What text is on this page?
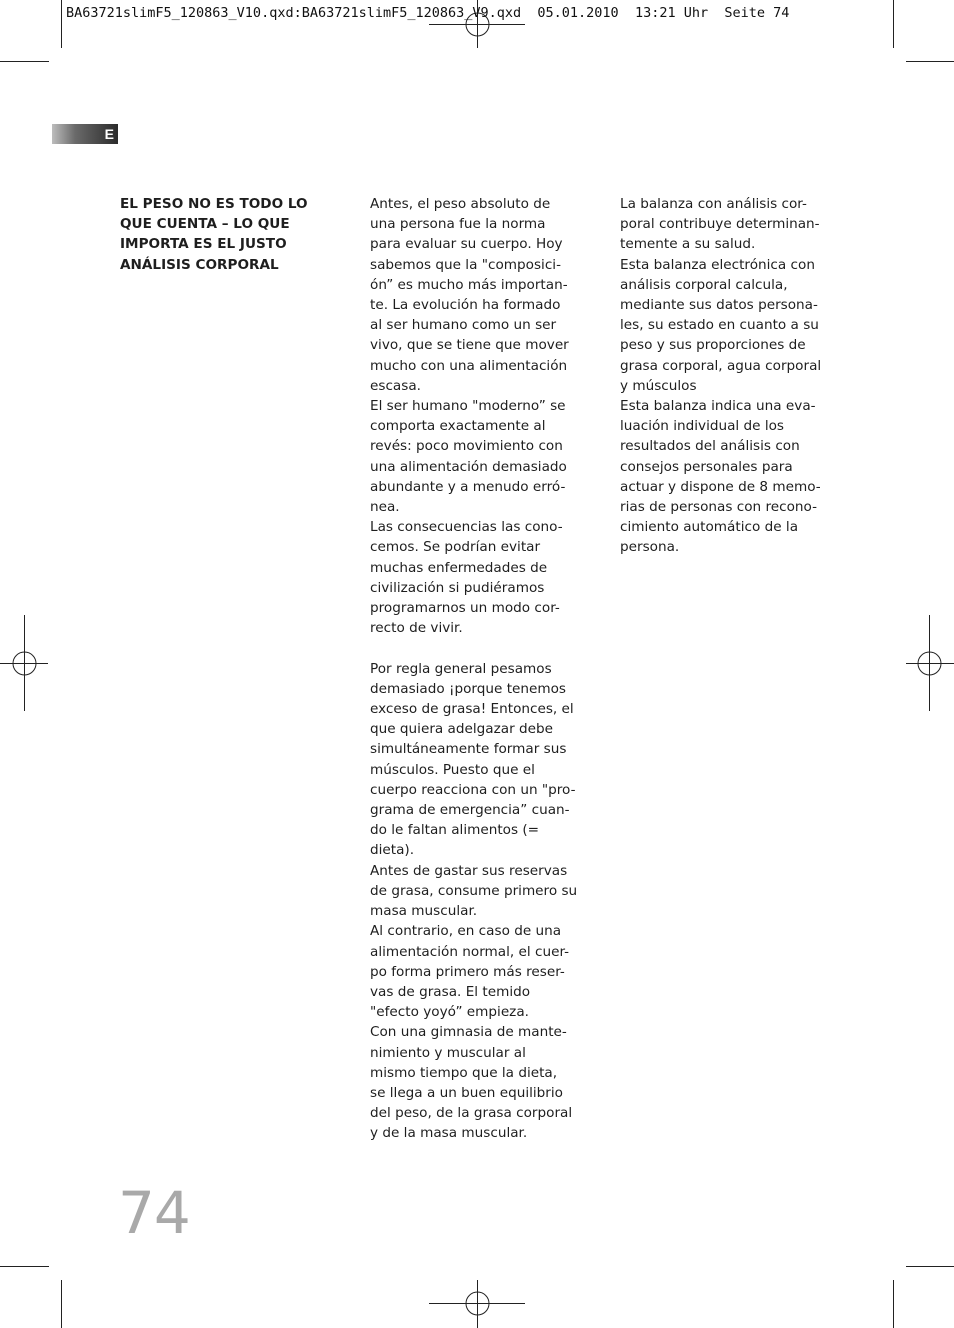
BA63721slimF5_120863_V10.qxd:BA63721slimF5_120863_V9.qxd  05.01.2010  13:21 Uhr  Seite 74
E

EL PESO NO ES TODO LO

QUE CUENTA – LO QUE

IMPORTA ES EL JUSTO

ANÁLISIS CORPORAL

Antes, el peso absoluto de

una persona fue la norma

para evaluar su cuerpo. Hoy

sabemos que la "composici-

ón” es mucho más importan-

te. La evolución ha formado

al ser humano como un ser

vivo, que se tiene que mover

mucho con una alimentación

escasa.

El ser humano "moderno” se

comporta exactamente al

revés: poco movimiento con

una alimentación demasiado

abundante y a menudo erró-

nea.

Las consecuencias las cono-

cemos. Se podrían evitar

muchas enfermedades de

civilización si pudiéramos

programarnos un modo cor-

recto de vivir.

Por regla general pesamos

demasiado ¡porque tenemos

exceso de grasa! Entonces, el

que quiera adelgazar debe

simultáneamente formar sus

músculos. Puesto que el

cuerpo reacciona con un "pro-

grama de emergencia” cuan-

do le faltan alimentos (=

dieta).

Antes de gastar sus reservas

de grasa, consume primero su

masa muscular.

Al contrario, en caso de una

alimentación normal, el cuer-

po forma primero más reser-

vas de grasa. El temido

"efecto yoyó” empieza.

Con una gimnasia de mante-

nimiento y muscular al

mismo tiempo que la dieta,

se llega a un buen equilibrio

del peso, de la grasa corporal

y de la masa muscular.

La balanza con análisis cor-

poral contribuye determinan-

temente a su salud.

Esta balanza electrónica con

análisis corporal calcula,

mediante sus datos persona-

les, su estado en cuanto a su

peso y sus proporciones de

grasa corporal, agua corporal

y músculos

Esta balanza indica una eva-

luación individual de los

resultados del análisis con

consejos personales para

actuar y dispone de 8 memo-

rias de personas con recono-

cimiento automático de la

persona.

74
